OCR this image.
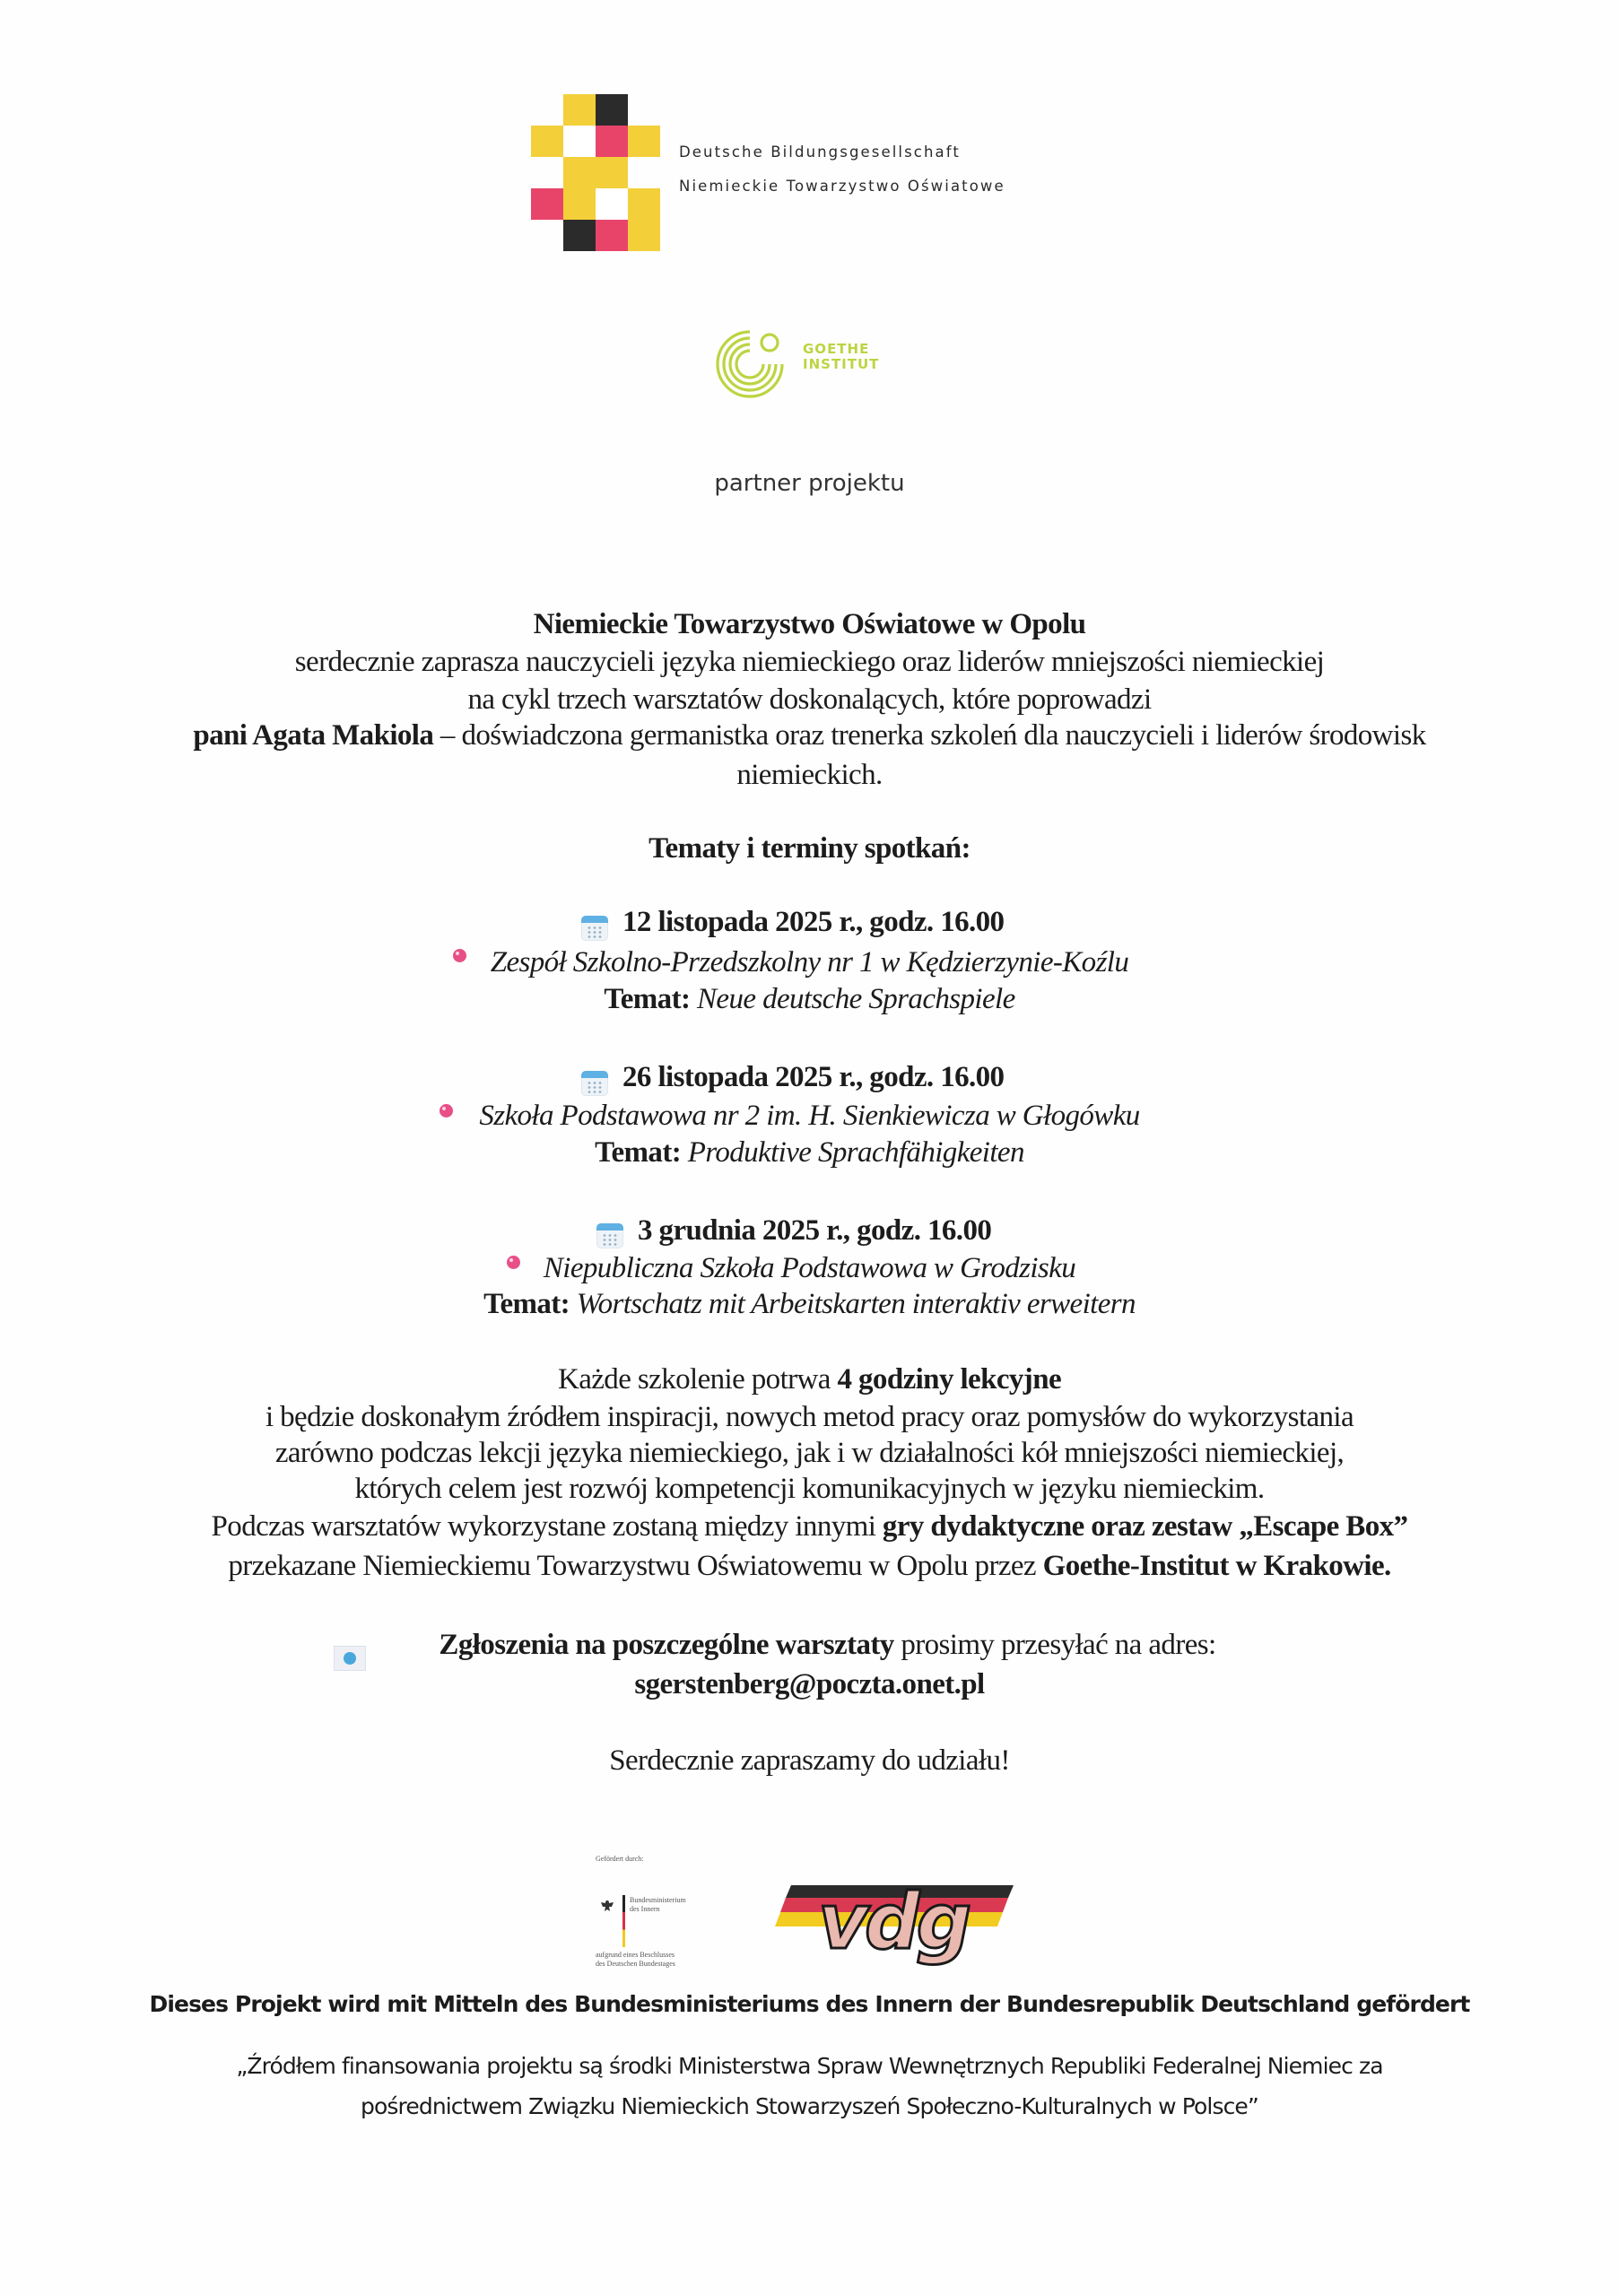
Deutsche Bildungsgesellschaft
Niemieckie Towarzystwo Oświatowe
GOETHE
INSTITUT
partner projektu
Niemieckie Towarzystwo Oświatowe w Opolu
serdecznie zaprasza nauczycieli języka niemieckiego oraz liderów mniejszości niemieckiej
na cykl trzech warsztatów doskonalących, które poprowadzi
pani Agata Makiola – doświadczona germanistka oraz trenerka szkoleń dla nauczycieli i liderów środowisk
niemieckich.
Tematy i terminy spotkań:
12 listopada 2025 r., godz. 16.00
Zespół Szkolno-Przedszkolny nr 1 w Kędzierzynie-Koźlu
Temat: Neue deutsche Sprachspiele
26 listopada 2025 r., godz. 16.00
Szkoła Podstawowa nr 2 im. H. Sienkiewicza w Głogówku
Temat: Produktive Sprachfähigkeiten
3 grudnia 2025 r., godz. 16.00
Niepubliczna Szkoła Podstawowa w Grodzisku
Temat: Wortschatz mit Arbeitskarten interaktiv erweitern
Każde szkolenie potrwa 4 godziny lekcyjne
i będzie doskonałym źródłem inspiracji, nowych metod pracy oraz pomysłów do wykorzystania
zarówno podczas lekcji języka niemieckiego, jak i w działalności kół mniejszości niemieckiej,
których celem jest rozwój kompetencji komunikacyjnych w języku niemieckim.
Podczas warsztatów wykorzystane zostaną między innymi gry dydaktyczne oraz zestaw „Escape Box”
przekazane Niemieckiemu Towarzystwu Oświatowemu w Opolu przez Goethe-Institut w Krakowie.
Zgłoszenia na poszczególne warsztaty prosimy przesyłać na adres:
sgerstenberg@poczta.onet.pl
Serdecznie zapraszamy do udziału!
Gefördert durch:
Bundesministerium
des Innern
aufgrund eines Beschlusses
des Deutschen Bundestages vdg
Dieses Projekt wird mit Mitteln des Bundesministeriums des Innern der Bundesrepublik Deutschland gefördert
„Źródłem finansowania projektu są środki Ministerstwa Spraw Wewnętrznych Republiki Federalnej Niemiec za
pośrednictwem Związku Niemieckich Stowarzyszeń Społeczno-Kulturalnych w Polsce”
